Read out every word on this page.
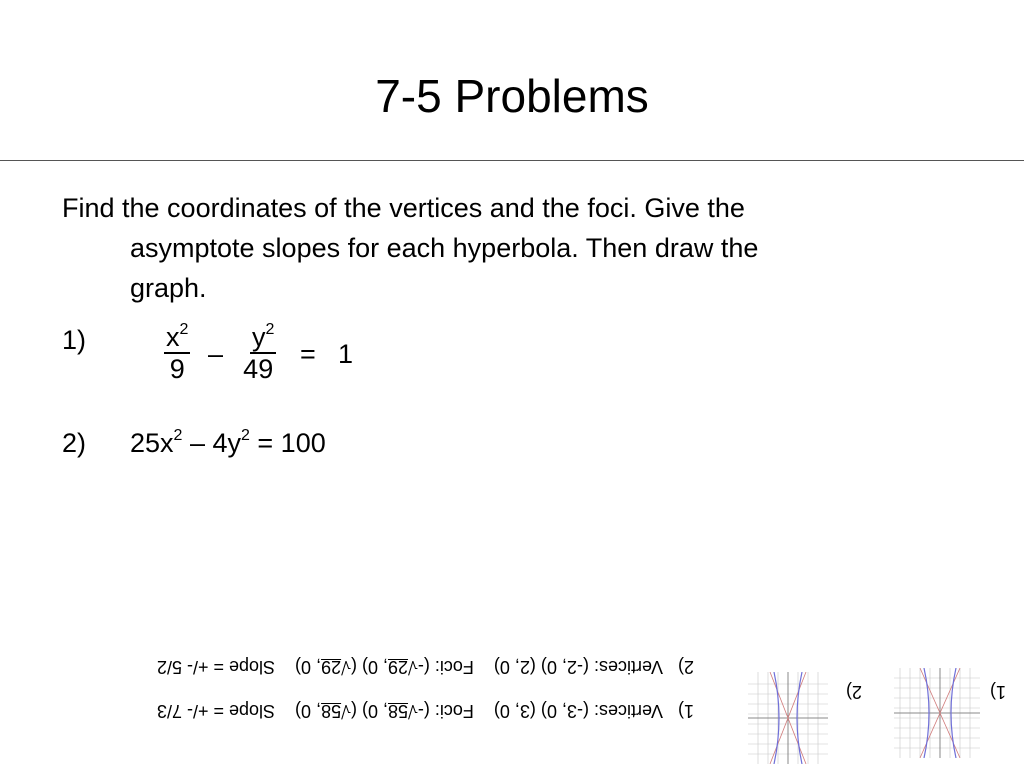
7-5 Problems
Find the coordinates of the vertices and the foci. Give the
asymptote slopes for each hyperbola. Then draw the
graph.
1)	$\frac{x^2}{9} - \frac{y^2}{49} = 1$
2) $25x^2 - 4y^2 = 100$
1)   Vertices: (-3, 0) (3, 0)    Foci: (-√58, 0) (√58, 0)    Slope = +/- 7/3
2)   Vertices: (-2, 0) (2, 0)    Foci: (-√29, 0) (√29, 0)    Slope = +/- 5/2
1)
2)
